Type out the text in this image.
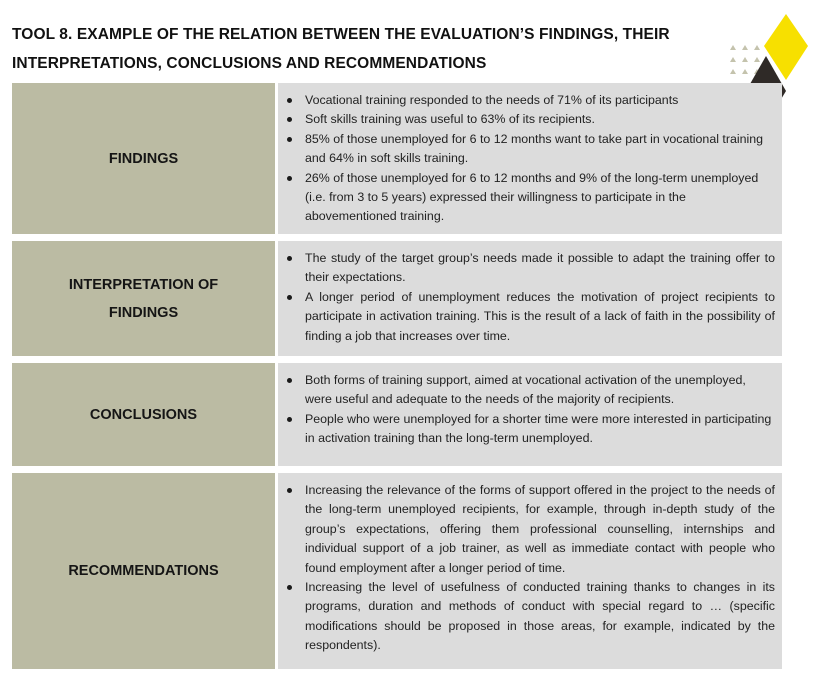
TOOL 8. EXAMPLE OF THE RELATION BETWEEN THE EVALUATION’S FINDINGS, THEIR
INTERPRETATIONS, CONCLUSIONS AND RECOMMENDATIONS
FINDINGS
Vocational training responded to the needs of 71% of its participants
Soft skills training was useful to 63% of its recipients.
85% of those unemployed for 6 to 12 months want to take part in vocational training and 64% in soft skills training.
26% of those unemployed for 6 to 12 months and 9% of the long-term unemployed (i.e. from 3 to 5 years) expressed their willingness to participate in the abovementioned training.
INTERPRETATION OF
FINDINGS
The study of the target group’s needs made it possible to adapt the training offer to their expectations.
A longer period of unemployment reduces the motivation of project recipients to participate in activation training. This is the result of a lack of faith in the possibility of finding a job that increases over time.
CONCLUSIONS
Both forms of training support, aimed at vocational activation of the unemployed, were useful and adequate to the needs of the majority of recipients.
People who were unemployed for a shorter time were more interested in participating in activation training than the long-term unemployed.
RECOMMENDATIONS
Increasing the relevance of the forms of support offered in the project to the needs of the long-term unemployed recipients, for example, through in-depth study of the group’s expectations, offering them professional counselling, internships and individual support of a job trainer, as well as immediate contact with people who found employment after a longer period of time.
Increasing the level of usefulness of conducted training thanks to changes in its programs, duration and methods of conduct with special regard to … (specific modifications should be proposed in those areas, for example, indicated by the respondents).
